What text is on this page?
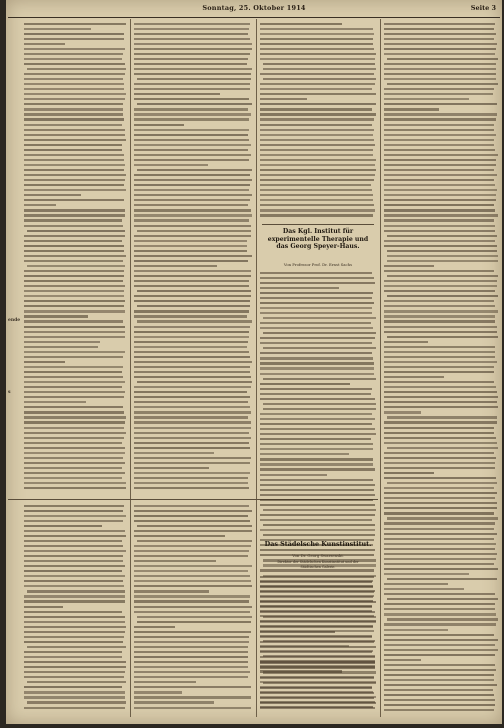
Sonntag, 25. Oktober 1914	Seite 3
ende
s
Das Kgl. Institut für experimentelle Therapie und das Georg Speyer-Haus.
Von Professor Prof. Dr. Ernst Sachs
Das Städelsche Kunstinstitut.
Von Dr. Georg Swarzenski.
Direktor der Städelschen Kunstinstitut und der Städtischen Galerie.
